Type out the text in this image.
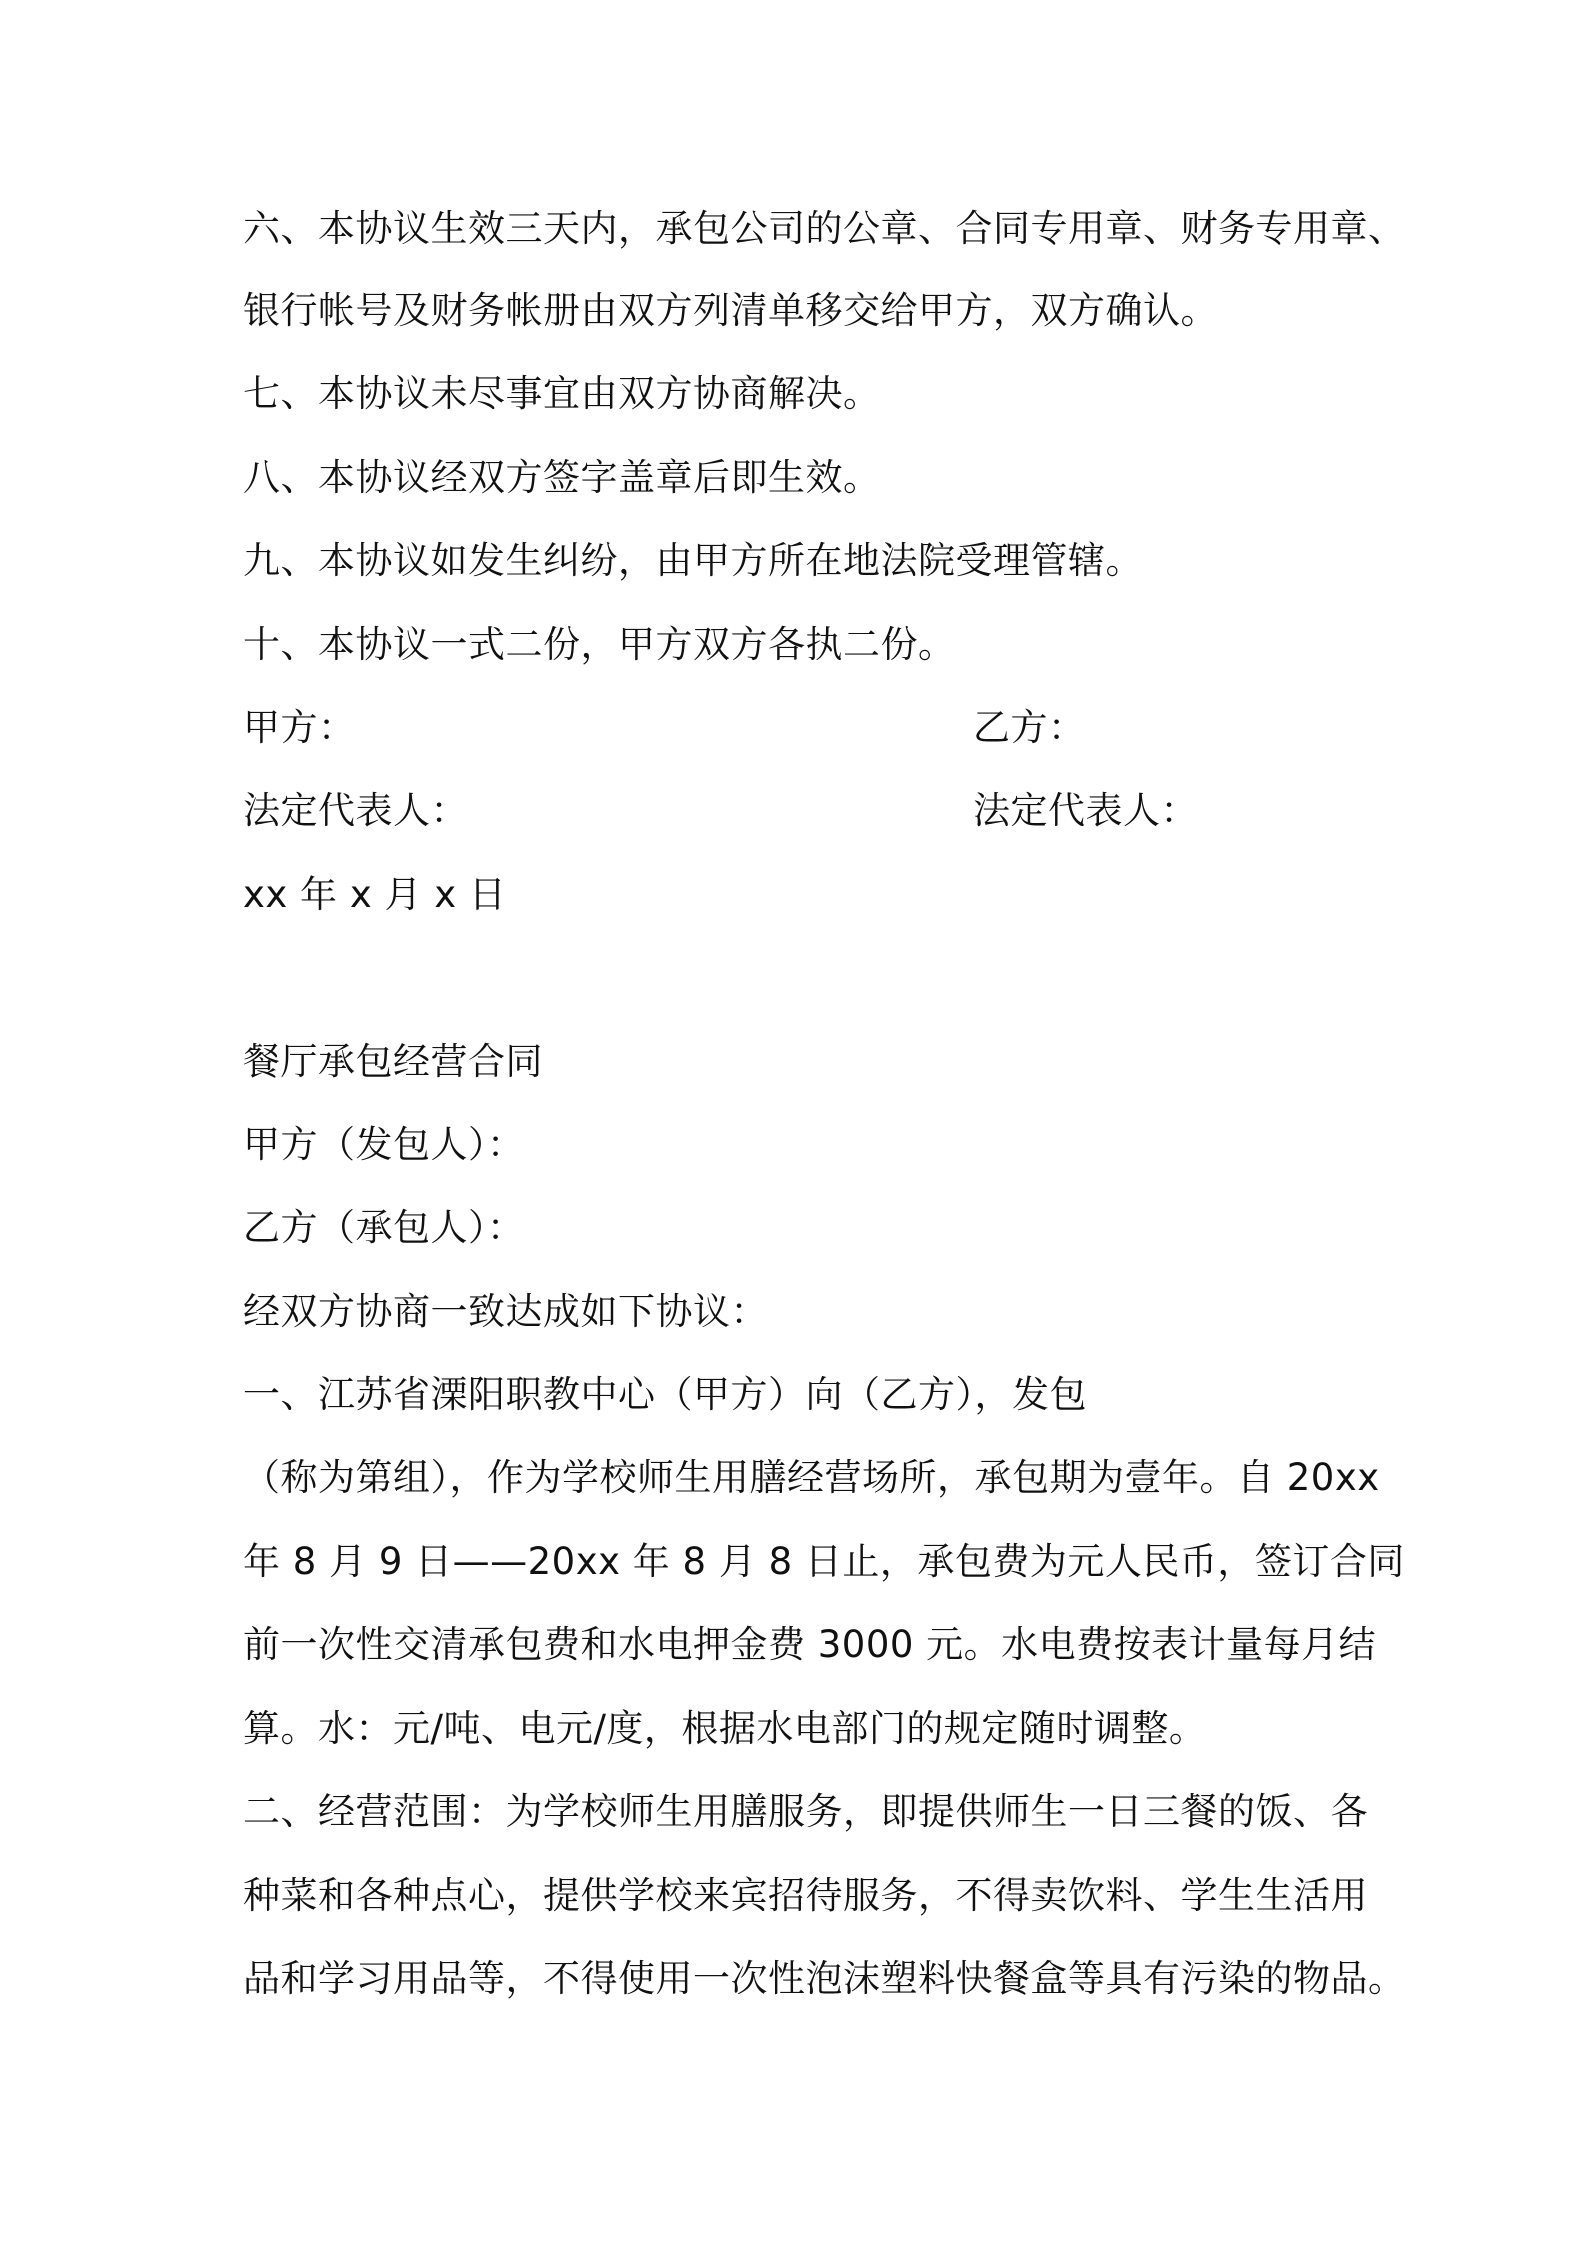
六、本协议生效三天内，承包公司的公章、合同专用章、财务专用章、
银行帐号及财务帐册由双方列清单移交给甲方，双方确认。
七、本协议未尽事宜由双方协商解决。
八、本协议经双方签字盖章后即生效。
九、本协议如发生纠纷，由甲方所在地法院受理管辖。
十、本协议一式二份，甲方双方各执二份。
甲方：	乙方：
法定代表人：	法定代表人：
xx 年 x 月 x 日
餐厅承包经营合同
甲方（发包人）：
乙方（承包人）：
经双方协商一致达成如下协议：
一、江苏省溧阳职教中心（甲方）向（乙方），发包
（称为第组），作为学校师生用膳经营场所，承包期为壹年。自 20xx
年 8 月 9 日——20xx 年 8 月 8 日止，承包费为元人民币，签订合同
前一次性交清承包费和水电押金费 3000 元。水电费按表计量每月结
算。水：元/吨、电元/度，根据水电部门的规定随时调整。
二、经营范围：为学校师生用膳服务，即提供师生一日三餐的饭、各
种菜和各种点心，提供学校来宾招待服务，不得卖饮料、学生生活用
品和学习用品等，不得使用一次性泡沫塑料快餐盒等具有污染的物品。
